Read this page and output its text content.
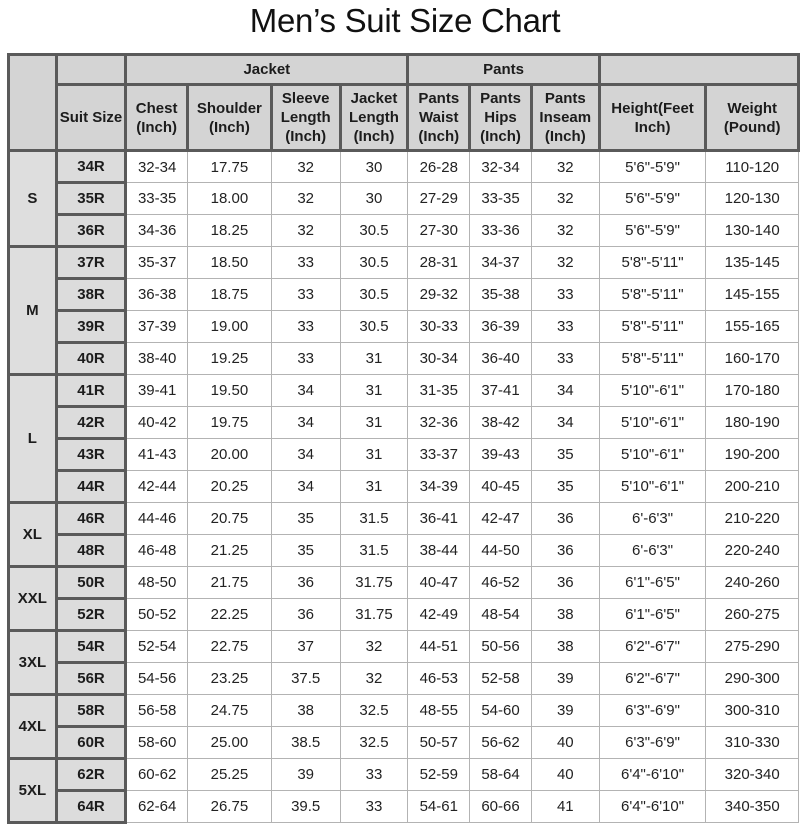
Men’s Suit Size Chart
		Jacket				Pants				
	Suit Size	Chest (Inch)	Shoulder (Inch)	Sleeve Length (Inch)	Jacket Length (Inch)	Pants Waist (Inch)	Pants Hips (Inch)	Pants Inseam (Inch)	Height(Feet Inch)	Weight (Pound)
S	34R	32-34	17.75	32	30	26-28	32-34	32	5'6"-5'9"	110-120
	35R	33-35	18.00	32	30	27-29	33-35	32	5'6"-5'9"	120-130
	36R	34-36	18.25	32	30.5	27-30	33-36	32	5'6"-5'9"	130-140
M	37R	35-37	18.50	33	30.5	28-31	34-37	32	5'8"-5'11"	135-145
	38R	36-38	18.75	33	30.5	29-32	35-38	33	5'8"-5'11"	145-155
	39R	37-39	19.00	33	30.5	30-33	36-39	33	5'8"-5'11"	155-165
	40R	38-40	19.25	33	31	30-34	36-40	33	5'8"-5'11"	160-170
L	41R	39-41	19.50	34	31	31-35	37-41	34	5'10"-6'1"	170-180
	42R	40-42	19.75	34	31	32-36	38-42	34	5'10"-6'1"	180-190
	43R	41-43	20.00	34	31	33-37	39-43	35	5'10"-6'1"	190-200
	44R	42-44	20.25	34	31	34-39	40-45	35	5'10"-6'1"	200-210
XL	46R	44-46	20.75	35	31.5	36-41	42-47	36	6'-6'3"	210-220
	48R	46-48	21.25	35	31.5	38-44	44-50	36	6'-6'3"	220-240
XXL	50R	48-50	21.75	36	31.75	40-47	46-52	36	6'1"-6'5"	240-260
	52R	50-52	22.25	36	31.75	42-49	48-54	38	6'1"-6'5"	260-275
3XL	54R	52-54	22.75	37	32	44-51	50-56	38	6'2"-6'7"	275-290
	56R	54-56	23.25	37.5	32	46-53	52-58	39	6'2"-6'7"	290-300
4XL	58R	56-58	24.75	38	32.5	48-55	54-60	39	6'3"-6'9"	300-310
	60R	58-60	25.00	38.5	32.5	50-57	56-62	40	6'3"-6'9"	310-330
5XL	62R	60-62	25.25	39	33	52-59	58-64	40	6'4"-6'10"	320-340
	64R	62-64	26.75	39.5	33	54-61	60-66	41	6'4"-6'10"	340-350
